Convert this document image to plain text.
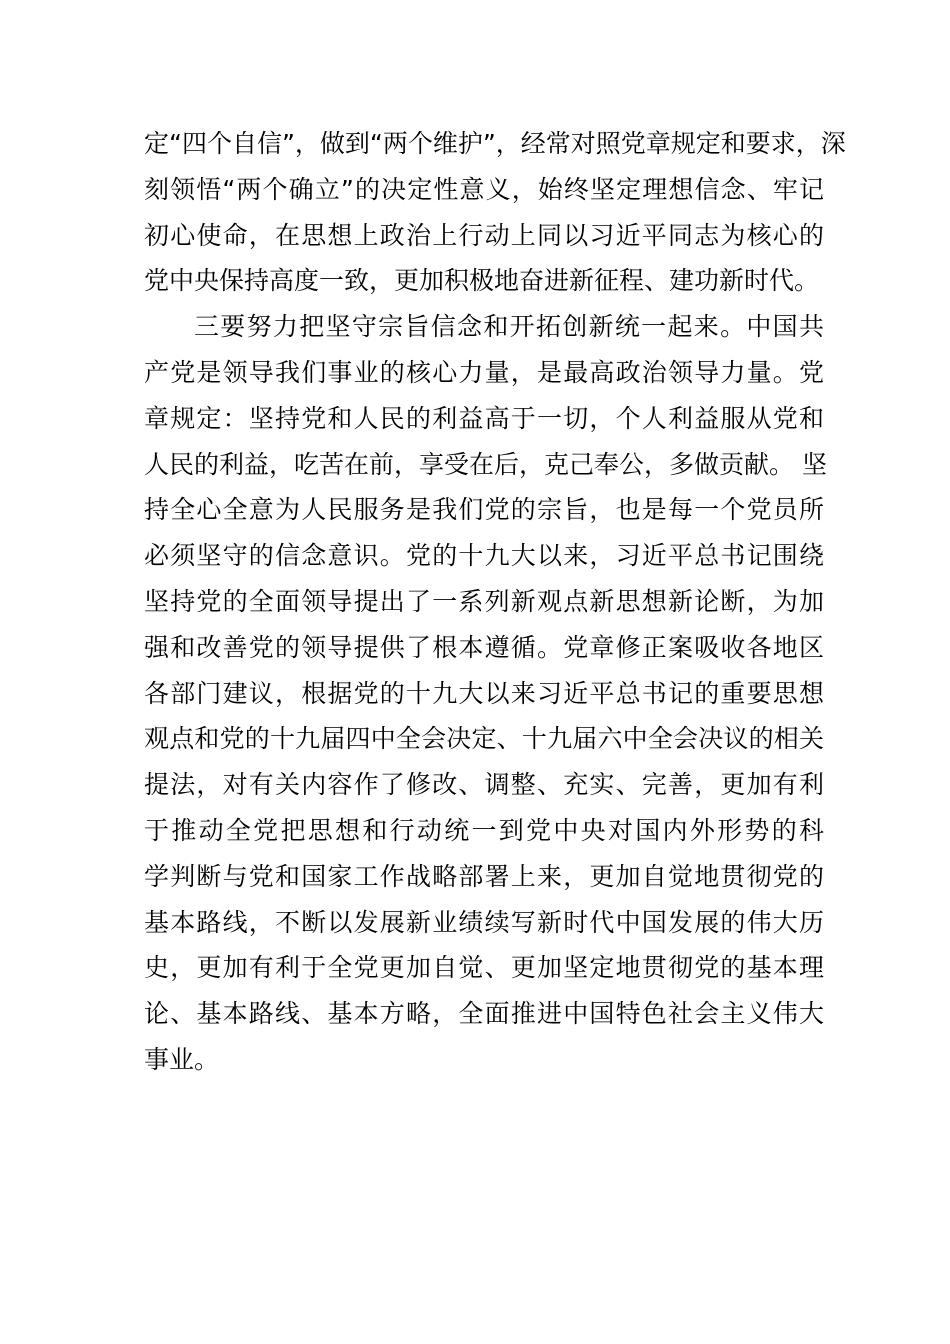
定“四个自信”，做到“两个维护”，经常对照党章规定和要求，深
刻领悟“两个确立”的决定性意义，始终坚定理想信念、牢记
初心使命，在思想上政治上行动上同以习近平同志为核心的
党中央保持高度一致，更加积极地奋进新征程、建功新时代。
三要努力把坚守宗旨信念和开拓创新统一起来。中国共
产党是领导我们事业的核心力量，是最高政治领导力量。党
章规定：坚持党和人民的利益高于一切，个人利益服从党和
人民的利益，吃苦在前，享受在后，克己奉公，多做贡献。 坚
持全心全意为人民服务是我们党的宗旨，也是每一个党员所
必须坚守的信念意识。党的十九大以来，习近平总书记围绕
坚持党的全面领导提出了一系列新观点新思想新论断，为加
强和改善党的领导提供了根本遵循。党章修正案吸收各地区
各部门建议，根据党的十九大以来习近平总书记的重要思想
观点和党的十九届四中全会决定、十九届六中全会决议的相关
提法，对有关内容作了修改、调整、充实、完善，更加有利
于推动全党把思想和行动统一到党中央对国内外形势的科
学判断与党和国家工作战略部署上来，更加自觉地贯彻党的
基本路线，不断以发展新业绩续写新时代中国发展的伟大历
史，更加有利于全党更加自觉、更加坚定地贯彻党的基本理
论、基本路线、基本方略，全面推进中国特色社会主义伟大
事业。
